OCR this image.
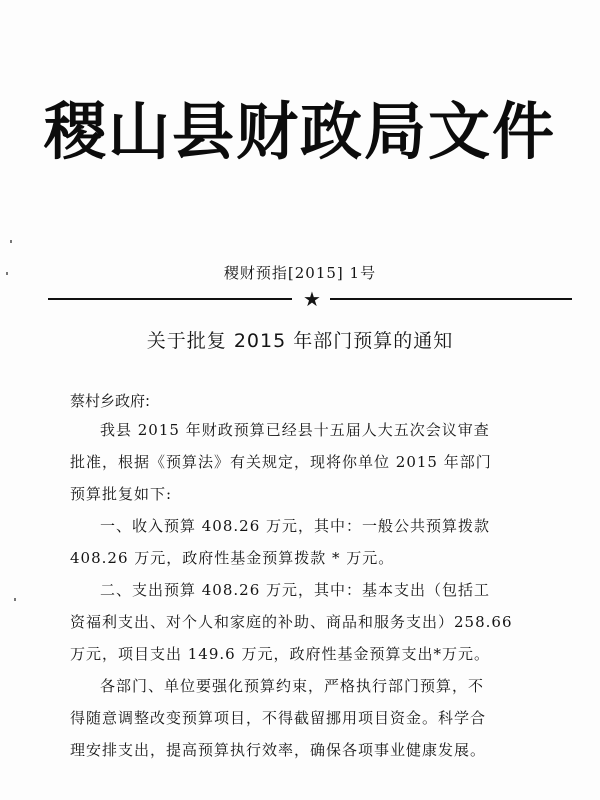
稷山县财政局文件
稷财预指[2015] 1号
★
关于批复 2015 年部门预算的通知
蔡村乡政府:
我县 2015 年财政预算已经县十五届人大五次会议审查
批准，根据《预算法》有关规定，现将你单位 2015 年部门
预算批复如下:
一、收入预算 408.26 万元，其中：一般公共预算拨款
408.26 万元，政府性基金预算拨款 * 万元。
二、支出预算 408.26 万元，其中：基本支出（包括工
资福利支出、对个人和家庭的补助、商品和服务支出）258.66
万元，项目支出 149.6 万元，政府性基金预算支出*万元。
各部门、单位要强化预算约束，严格执行部门预算，不
得随意调整改变预算项目，不得截留挪用项目资金。科学合
理安排支出，提高预算执行效率，确保各项事业健康发展。
